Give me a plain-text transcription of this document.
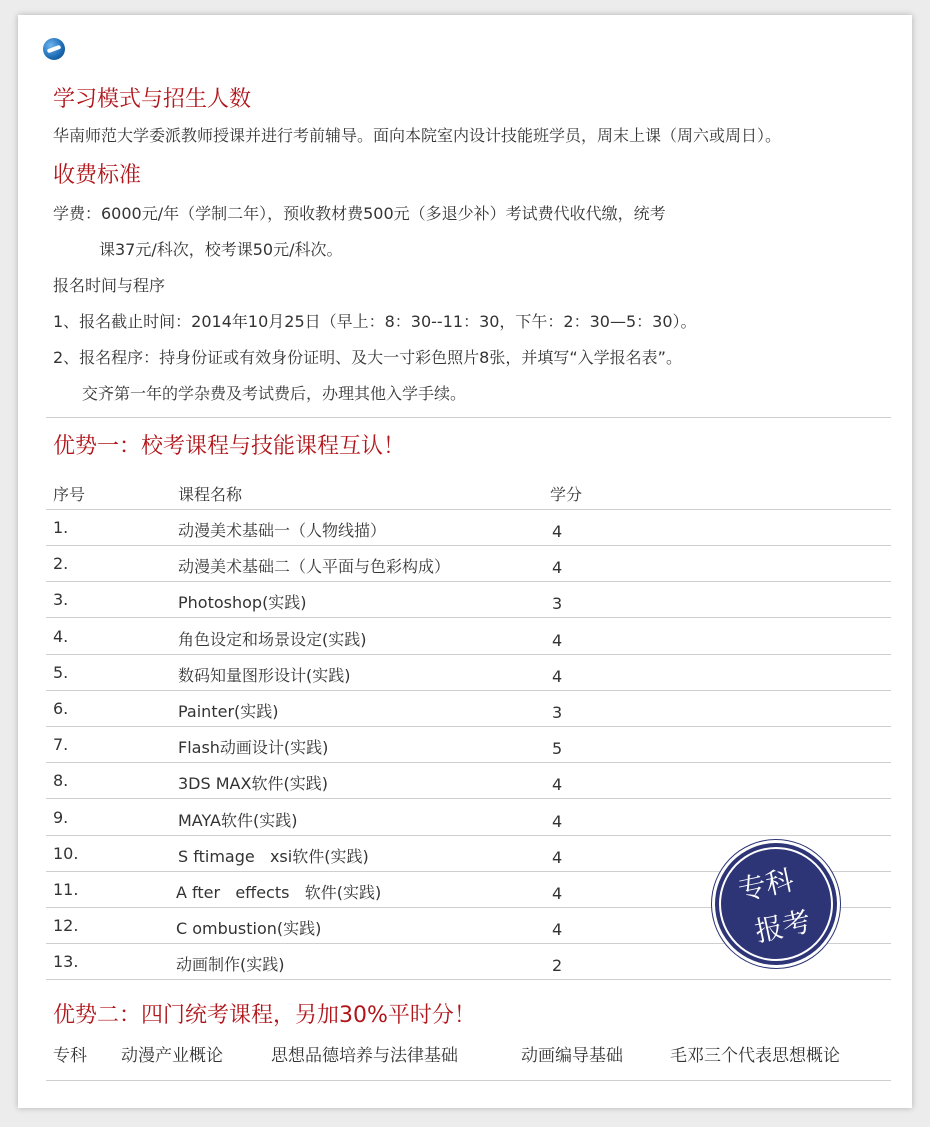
学习模式与招生人数
华南师范大学委派教师授课并进行考前辅导。面向本院室内设计技能班学员，周末上课（周六或周日）。
收费标准
学费：6000元/年（学制二年），预收教材费500元（多退少补）考试费代收代缴，统考
课37元/科次，校考课50元/科次。
报名时间与程序
1、报名截止时间：2014年10月25日（早上：8：30--11：30，下午：2：30—5：30）。
2、报名程序：持身份证或有效身份证明、及大一寸彩色照片8张，并填写“入学报名表”。
交齐第一年的学杂费及考试费后，办理其他入学手续。
优势一：校考课程与技能课程互认！
序号	课程名称	学分
1.	动漫美术基础一（人物线描）	4
2.	动漫美术基础二（人平面与色彩构成）	4
3.	Photoshop(实践)	3
4.	角色设定和场景设定(实践)	4
5.	数码知量图形设计(实践)	4
6.	Painter(实践)	3
7.	Flash动画设计(实践)	5
8.	3DS MAX软件(实践)	4
9.	MAYA软件(实践)	4
10.	S ftimage   xsi软件(实践)	4
11.	A fter   effects   软件(实践)	4
12.	C ombustion(实践)	4
13.	动画制作(实践)	2
优势二：四门统考课程，另加30%平时分！
专科 动漫产业概论	思想品德培养与法律基础	动画编导基础	毛邓三个代表思想概论
专科
报考
